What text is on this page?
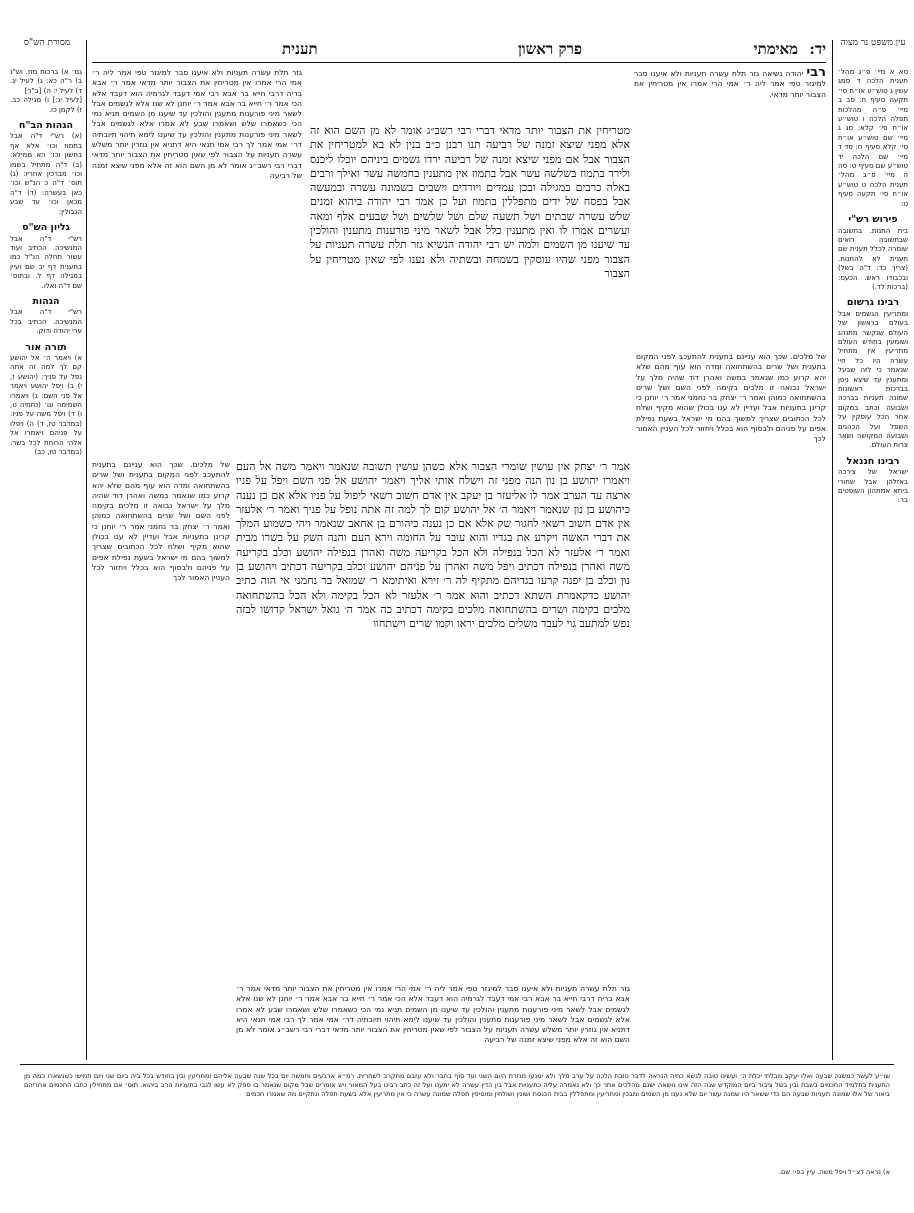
עין משפט נר מצוה
יד: מאימתי
פרק ראשון
תענית
מסורת הש"ס
סא א מיי׳ פ״ג מהל׳ תענית הלכה ד סמג עשין ג טוש״ע או״ח סי׳ תקעה סעיף ח: סב ב מיי׳ פ״ה מהלכות תפלה הלכה ו טוש״ע או״ח סי׳ קלא: סג ג מיי׳ שם טוש״ע או״ח סי׳ קלא סעיף ח: סד ד מיי׳ שם הלכה יד טוש״ע שם סעיף ט: סה ה מיי׳ פ״ב מהל׳ תענית הלכה ט טוש״ע או״ח סי׳ תקעה סעיף ט:
פירוש רש"י
בית התנות. בתשובה שבתשובה רואים שומרה לכלל תענית שם תענית לא להתנות. (צריך כד: ד"ה בשל) ובכבודו ראש. הכעס: (ברכות לד.)
רבינו גרשום
ומתריעין הגשמים אבל בעולם בראשון של העולם שנקשר מתנהג ושומעין בחודש העולם מתריעין אין מתחיל עשרה היו כל חיי שנאמר כי לזה שבעל ומתענין עד שיצא ניסן בברכות ראשונות שמונה תעניות בברכה ושבועה וכתב במקום אחר הכל עוסקין על השפל ועל הכהנים ושבועה המקושה ושאר צרות העולם.
רבינו חננאל
ישראל של צירכה באזלהן אבל שחורי ביתא אמתהון השופטים בר:
גמ׳ א) ברכות מח. וש"נ ב) ר"ה כא: ג) לעיל יג. ד) לעיל י: ה) [ב"ר]
[לעיל יג:] ו) מגילה כב. ז) לקמן כו.
הגהות הב"ח
(א) רש"י ד"ה אבל בתמוז וכו׳ אלא אף בחשון וכו׳ הא ממילא: (ב) ד"ה מתחיל בשמו וכו׳ מברכין אחריו: (ג) תוס׳ ד"ה כ הנ"ש וכו׳ כאן בעשרה: (ד) ד"ה מכאן וכו׳ עד שבע הגבולין:
גליון הש"ס
רש"י ד"ה אבל המנשיכה. הכתיב ועוד עשור תחלה הנ"ל כמו בתענית דף יב שם ועיין במגילה דף ל. ובתוס׳ שם ד"ה ואלו.
הגהות
רש"י ד"ה אבל המנשיכה. הכתיב בכל ערי יהודה ודוק.
תורה אור
א) ויאמר ה׳ אל יהושע קם לך למה זה אתה נפל על פניך: (יהושע ז, י) ב) ויפל יהושע ויאמר אל פני השם: ג) ויאמרו השמימה וגו׳ (נחמיה ט, ו) ד) ויפל משה על פניו: (במדבר טז, ד) ה) ויפלו על פניהם ויאמרו אל אלהי הרוחת לכל בשר: (במדבר טז, כב)
רבי יהודה נשיאה גזר תלת עשרה תעניות ולא איענו סבר למיגזר טפי אמר ליה ר׳ אמי הרי אמרו אין מטריחין את הצבור יותר מדאי.
גזר תלת עשרה תעניות ולא איענו סבר למיגזר טפי אמר ליה ר׳ אמי הרי אמרו אין מטריחין את הצבור יותר מדאי אמר ר׳ אבא בריה דרבי חייא בר אבא רבי אמי דעבד לגרמיה הוא דעבד אלא הכי אמר ר׳ חייא בר אבא אמר ר׳ יוחנן לא שנו אלא לגשמים אבל לשאר מיני פורענות מתענין והולכין עד שיענו מן השמים תניא נמי הכי כשאמרו שלש ושאמרו שבע לא אמרו אלא לגשמים אבל לשאר מיני פורענות מתענין והולכין עד שיענו לימא תיהוי תיובתיה דר׳ אמי אמר לך רבי אמי תנאי היא דתניא אין גוזרין יותר משלש עשרה תעניות על הצבור לפי שאין מטריחין את הצבור יותר מדאי דברי רבי רשב״ג אומר לא מן השם הוא זה אלא מפני שיצא זמנה של רביעה
מטריחין את הצבור יותר מדאי דברי רבי רשב״ג אומר לא מן השם הוא זה אלא מפני שיצא זמנה של רביעה תנו רבנן כ״ב בנין לא בא למטריחין את הצבור אבל אם מפני שיצא זמנה של רביעה ירדו גשמים ביניהם יוכלו ליכנס ולירד בתמוז בשלשה עשר אבל בתמוז אין מתענין בחמשה עשר ואילך ורבים באלה כרבים במגילה ובכן עמדים ויורדים וישבים בשמונה עשרה ובמעשה אבל בפסח של ידים מתפללין בתמוז ועל כן אמר רבי יהודה ביהוא זמנים שלש עשרה שבתים ושל תשעה שלם ושל שלשים ושל שבעים אלף ומאה ועשרים אמרו לו ואין מתענין כלל אבל לשאר מיני פורענות מתענין והולכין עד שיענו מן השמים ולמה יש רבי יהודה הנשיא גזר תלת עשרה תעניות על הצבור מפני שהיו עוסקין בשמחה ובשתיה ולא נענו לפי שאין מטריחין על הצבור
אמר ר׳ יצחק אין עושין שומרי הצבור אלא כשהן עושין תשובה שנאמר ויאמר משה אל העם ויאמרו יהושע בן נון הנה מפני זה וישלח אותי אליך ויאמר יהושע אל פני השם ויפל על פניו ארצה עד הערב אמר לו אליעזר בן יעקב אין אדם חשוב רשאי ליפול על פניו אלא אם כן נענה כיהושע בן נון שנאמר ויאמר ה׳ אל יהושע קום לך למה זה אתה נופל על פניך ואמר ר׳ אלעזר אין אדם חשוב רשאי לחגור שק אלא אם כן נענה כיהורם בן אחאב שנאמר ויהי כשמוע המלך את דברי האשה ויקרע את בגדיו והוא עובר על החומה וירא העם והנה השק על בשרו מבית ואמר ר׳ אלעזר לא הכל בנפילה ולא הכל בקריעה משה ואהרן בנפילה יהושע וכלב בקריעה משה ואהרן בנפילה דכתיב ויפל משה ואהרן על פניהם יהושע וכלב בקריעה דכתיב ויהושע בן נון וכלב בן יפנה קרעו בגדיהם מתקיף לה ר׳ זירא ואיתימא ר׳ שמואל בר נחמני אי הוה כתיב יהושע כדקאמרת השתא דכתיב והוא אמר ר׳ אלעזר לא הכל בקימה ולא הכל בהשתחואה מלכים בקימה ושרים בהשתחואה מלכים בקימה דכתיב כה אמר ה׳ גואל ישראל קדושו לבזה נפש למתעב גוי לעבד משלים מלכים יראו וקמו שרים וישתחוו
של מלכים. שכך הוא עניינם בתענית להתעכב לפני המקום בתענית ושל שרים בהשתחואה ומדה הוא עוף מהם שלא יהא קרוע כמו שנאמר במשה ואהרן דוד שהיה מלך על ישראל נבואה זו מלכים בקימה לפני השם ושל שרים בהשתחואה כמוהן ואמר ר׳ יצחק בר נחמני אמר ר׳ יוחנן כי קרינן בתעניות אבל ועדיין לא ענו בכולן שהוא מקיף ושלח לכל הכתובים שצריך למשוך בהם מי ישראל בשעת נפילת אפים על פניהם ולבסוף הוא בכלל ויחזור לכל העניין האמור לכך
של מלכים. שכך הוא עניינם בתענית להתעכב לפני המקום בתענית ושל שרים בהשתחואה ומדה הוא עוף מהם שלא יהא קרוע כמו שנאמר במשה ואהרן דוד שהיה מלך על ישראל נבואה זו מלכים בקימה לפני השם ושל שרים בהשתחואה כמוהן ואמר ר׳ יצחק בר נחמני אמר ר׳ יוחנן כי קרינן בתעניות אבל ועדיין לא ענו בכולן שהוא מקיף ושלח לכל הכתובים שצריך למשוך בהם מי ישראל בשעת נפילת אפים על פניהם ולבסוף הוא בכלל ויחזור לכל העניין האמור לכך
גזר תלת עשרה תעניות ולא איענו סבר למיגזר טפי אמר ליה ר׳ אמי הרי אמרו אין מטריחין את הצבור יותר מדאי אמר ר׳ אבא בריה דרבי חייא בר אבא רבי אמי דעבד לגרמיה הוא דעבד אלא הכי אמר ר׳ חייא בר אבא אמר ר׳ יוחנן לא שנו אלא לגשמים אבל לשאר מיני פורענות מתענין והולכין עד שיענו מן השמים תניא נמי הכי כשאמרו שלש ושאמרו שבע לא אמרו אלא לגשמים אבל לשאר מיני פורענות מתענין והולכין עד שיענו לימא תיהוי תיובתיה דר׳ אמי אמר לך רבי אמי תנאי היא דתניא אין גוזרין יותר משלש עשרה תעניות על הצבור לפי שאין מטריחין את הצבור יותר מדאי דברי רבי רשב״ג אומר לא מן השם הוא זה אלא מפני שיצא זמנה של רביעה
שו״ע לעשר כמשנה שבעה ואלו יעקב מבלתי יכלת ה׳ ועשינו טובה לנשא כחיה הנראה לדבר טובת הלכה על ערב מלך ולא ימנעו מגזרת היום השני ועד סוף בחבר ולא עזבם מתקרב לשחרית. רמ״א ארבעים וחמשה יום בכל שנה שבעה אליהם ומתריעין ובין בחודש בכל ביה ביום שני ויום חמישי כשנשארו כמה מן התענית בתלמיד החכמים בשבת ובין בשל ציבור ביום המוקדש שנה הזה אינו נושאה ישנם מהלכים אחר כך ולא נאמרה עליה כתעניות אבל בין הדין עשרה לא יתענו ועל זה כתב רבינו בעל המאור ויש אומרים שכל מקום שנאמר בו ספק לא עשו לגבי בתעניות הרב ביהוא. תוס׳ אם מתחילין כתבו החכמים אחריהם ביאור של אלו שמונה תעניות שבעה הם כדי ששאר היו שמנה עשר יום שלא נענו מן השמים ומבכין ומתריעין ומתפללין בבית הכנסת ושונין ושולחין ומוסיפין תפלה שמונה עשרה כי אין מתריעין אלא בשעת תפלה ונתקיים מה שאמרו חכמים
א) נראה דצ״ל ויפל משה. עיין בפי׳ שם.
